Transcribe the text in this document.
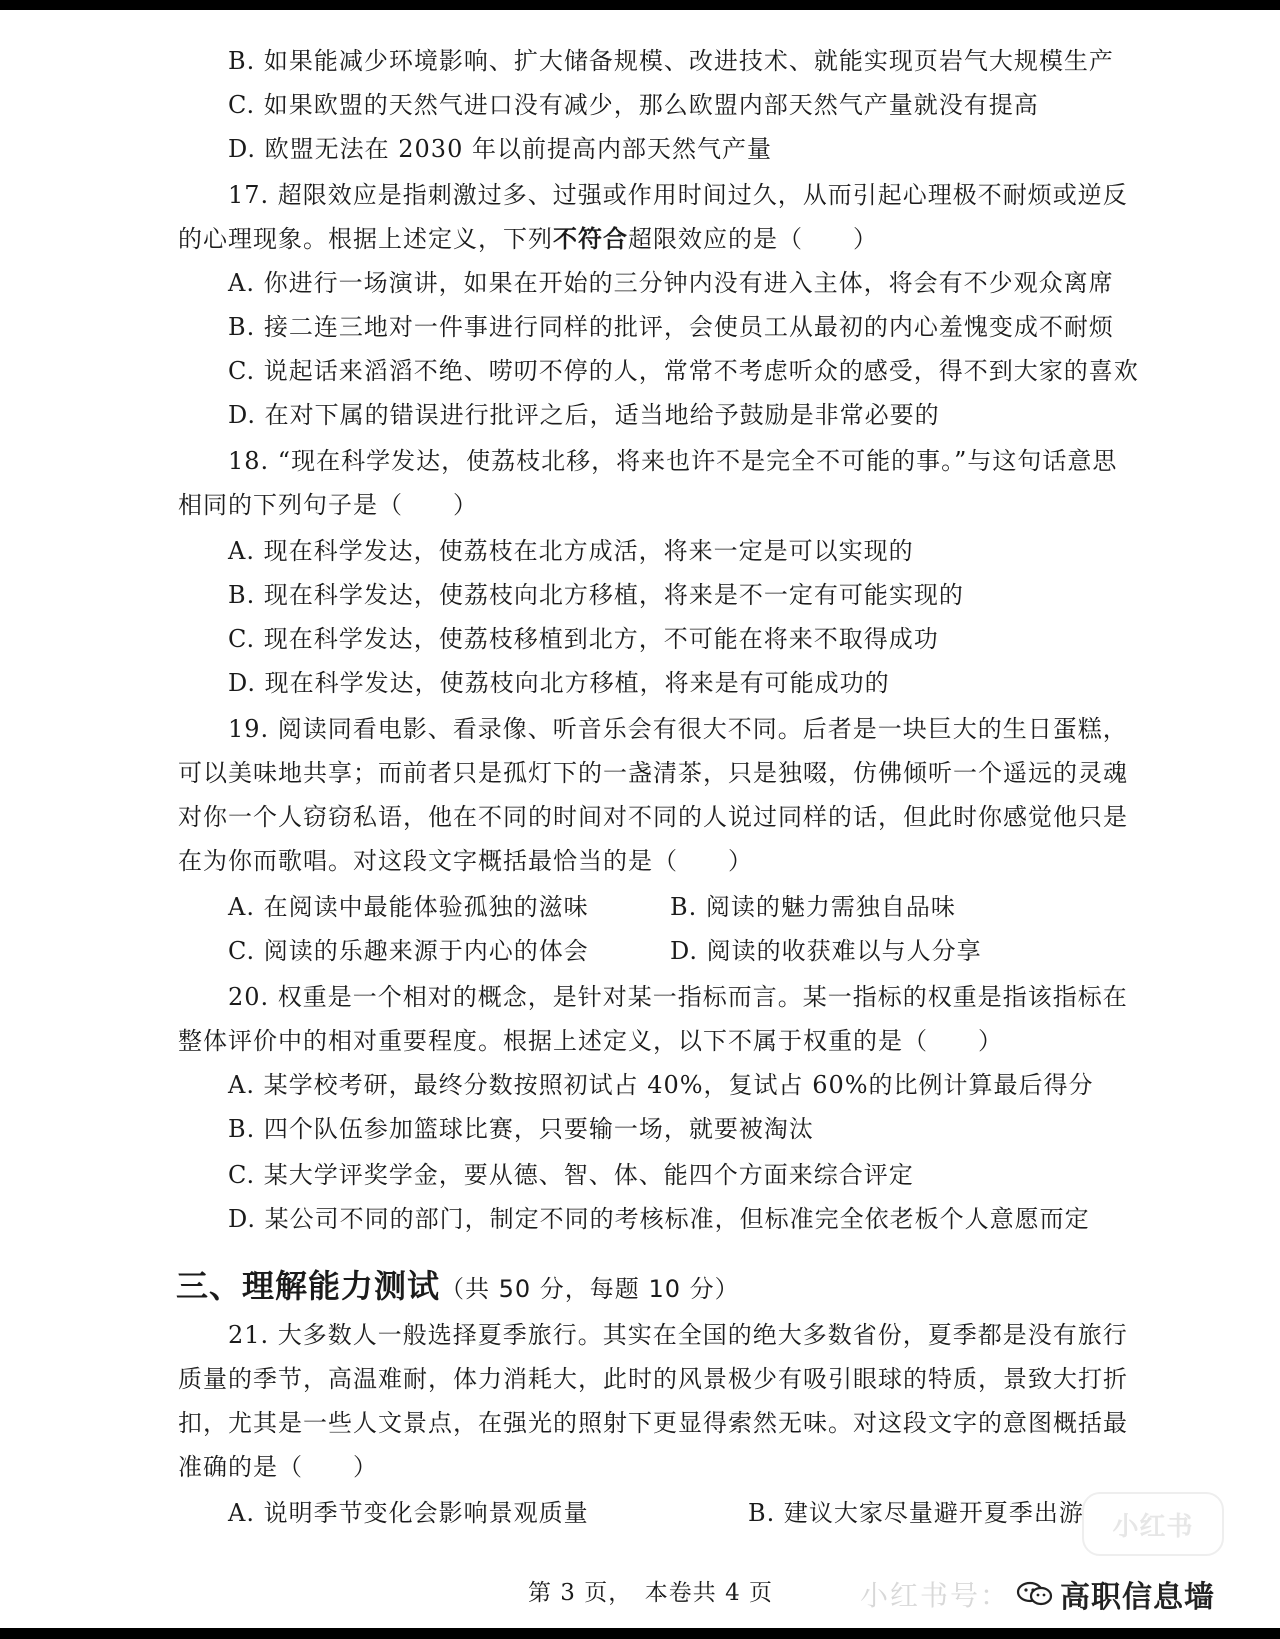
B. 如果能减少环境影响、扩大储备规模、改进技术、就能实现页岩气大规模生产
C. 如果欧盟的天然气进口没有减少，那么欧盟内部天然气产量就没有提高
D. 欧盟无法在 2030 年以前提高内部天然气产量
17. 超限效应是指刺激过多、过强或作用时间过久，从而引起心理极不耐烦或逆反
的心理现象。根据上述定义，下列不符合超限效应的是（　　）
A. 你进行一场演讲，如果在开始的三分钟内没有进入主体，将会有不少观众离席
B. 接二连三地对一件事进行同样的批评，会使员工从最初的内心羞愧变成不耐烦
C. 说起话来滔滔不绝、唠叨不停的人，常常不考虑听众的感受，得不到大家的喜欢
D. 在对下属的错误进行批评之后，适当地给予鼓励是非常必要的
18. “现在科学发达，使荔枝北移，将来也许不是完全不可能的事。”与这句话意思
相同的下列句子是（　　）
A. 现在科学发达，使荔枝在北方成活，将来一定是可以实现的
B. 现在科学发达，使荔枝向北方移植，将来是不一定有可能实现的
C. 现在科学发达，使荔枝移植到北方，不可能在将来不取得成功
D. 现在科学发达，使荔枝向北方移植，将来是有可能成功的
19. 阅读同看电影、看录像、听音乐会有很大不同。后者是一块巨大的生日蛋糕，
可以美味地共享；而前者只是孤灯下的一盏清茶，只是独啜，仿佛倾听一个遥远的灵魂
对你一个人窃窃私语，他在不同的时间对不同的人说过同样的话，但此时你感觉他只是
在为你而歌唱。对这段文字概括最恰当的是（　　）
A. 在阅读中最能体验孤独的滋味	B. 阅读的魅力需独自品味
C. 阅读的乐趣来源于内心的体会	D. 阅读的收获难以与人分享
20. 权重是一个相对的概念，是针对某一指标而言。某一指标的权重是指该指标在
整体评价中的相对重要程度。根据上述定义，以下不属于权重的是（　　）
A. 某学校考研，最终分数按照初试占 40%，复试占 60%的比例计算最后得分
B. 四个队伍参加篮球比赛，只要输一场，就要被淘汰
C. 某大学评奖学金，要从德、智、体、能四个方面来综合评定
D. 某公司不同的部门，制定不同的考核标准，但标准完全依老板个人意愿而定
三、理解能力测试（共 50 分，每题 10 分）
21. 大多数人一般选择夏季旅行。其实在全国的绝大多数省份，夏季都是没有旅行
质量的季节，高温难耐，体力消耗大，此时的风景极少有吸引眼球的特质，景致大打折
扣，尤其是一些人文景点，在强光的照射下更显得索然无味。对这段文字的意图概括最
准确的是（　　）
A. 说明季节变化会影响景观质量	B. 建议大家尽量避开夏季出游
第 3 页，　本卷共 4 页
小红书
小红书号： 高职信息墙
